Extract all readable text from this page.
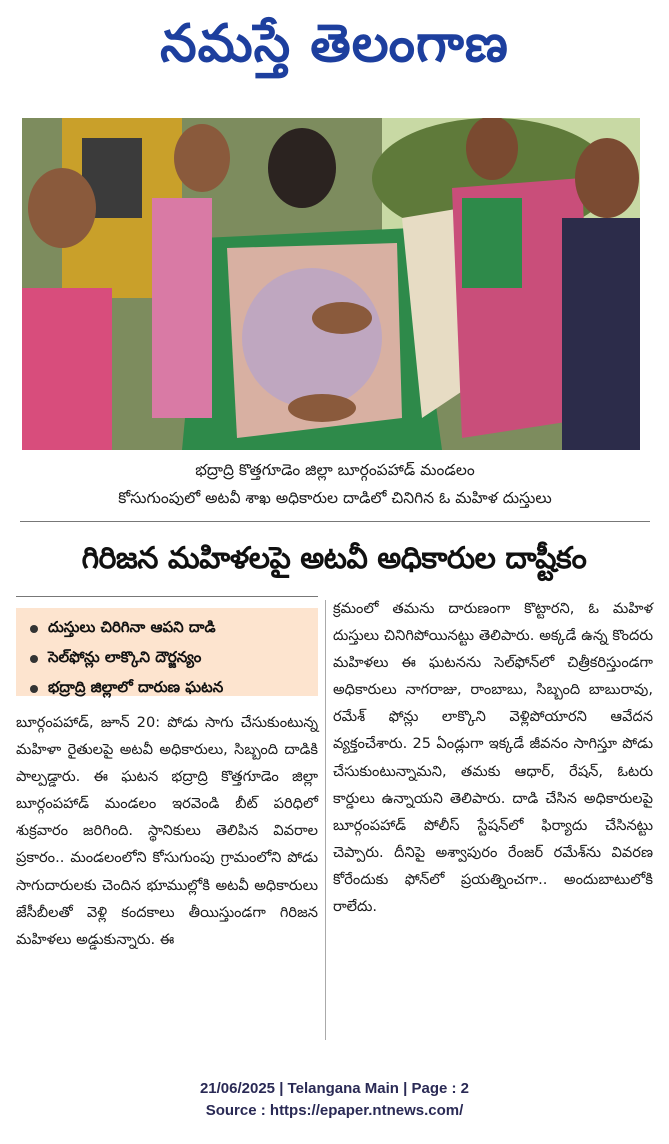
నమస్తే తెలంగాణ
భద్రాద్రి కొత్తగూడెం జిల్లా బూర్గంపహాడ్ మండలం
కోసుగుంపులో అటవీ శాఖ అధికారుల దాడిలో చినిగిన ఓ మహిళ దుస్తులు
గిరిజన మహిళలపై అటవీ అధికారుల దాష్టీకం
దుస్తులు చిరిగినా ఆపని దాడి
సెల్‌ఫోన్లు లాక్కొని దౌర్జన్యం
భద్రాద్రి జిల్లాలో దారుణ ఘటన

బూర్గంపహాడ్, జూన్ 20: పోడు సాగు చేసుకుంటున్న మహిళా రైతులపై అటవీ అధికారులు, సిబ్బంది దాడికి పాల్పడ్డారు. ఈ ఘటన భద్రాద్రి కొత్తగూడెం జిల్లా బూర్గంపహాడ్ మండలం ఇరవెండి బీట్ పరిధిలో శుక్రవారం జరిగింది. స్థానికులు తెలిపిన వివరాల ప్రకారం.. మండలంలోని కోసుగుంపు గ్రామంలోని పోడు సాగుదారులకు చెందిన భూముల్లోకి అటవీ అధికారులు జేసీబీలతో వెళ్లి కందకాలు తీయిస్తుండగా గిరిజన మహిళలు అడ్డుకున్నారు. ఈ

క్రమంలో తమను దారుణంగా కొట్టారని, ఓ మహిళ దుస్తులు చినిగిపోయినట్టు తెలిపారు. అక్కడే ఉన్న కొందరు మహిళలు ఈ ఘటనను సెల్‌ఫోన్‌లో చిత్రీకరిస్తుండగా అధికారులు నాగరాజు, రాంబాబు, సిబ్బంది బాబురావు, రమేశ్ ఫోన్లు లాక్కొని వెళ్లిపోయారని ఆవేదన వ్యక్తంచేశారు. 25 ఏండ్లుగా ఇక్కడే జీవనం సాగిస్తూ పోడు చేసుకుంటున్నామని, తమకు ఆధార్, రేషన్, ఓటరు కార్డులు ఉన్నాయని తెలిపారు. దాడి చేసిన అధికారులపై బూర్గంపహాడ్ పోలీస్ స్టేషన్‌లో ఫిర్యాదు చేసినట్టు చెప్పారు. దీనిపై అశ్వాపురం రేంజర్ రమేశ్‌ను వివరణ కోరేందుకు ఫోన్‌లో ప్రయత్నించగా.. అందుబాటులోకి రాలేదు.

21/06/2025 | Telangana Main | Page : 2
Source : https://epaper.ntnews.com/
